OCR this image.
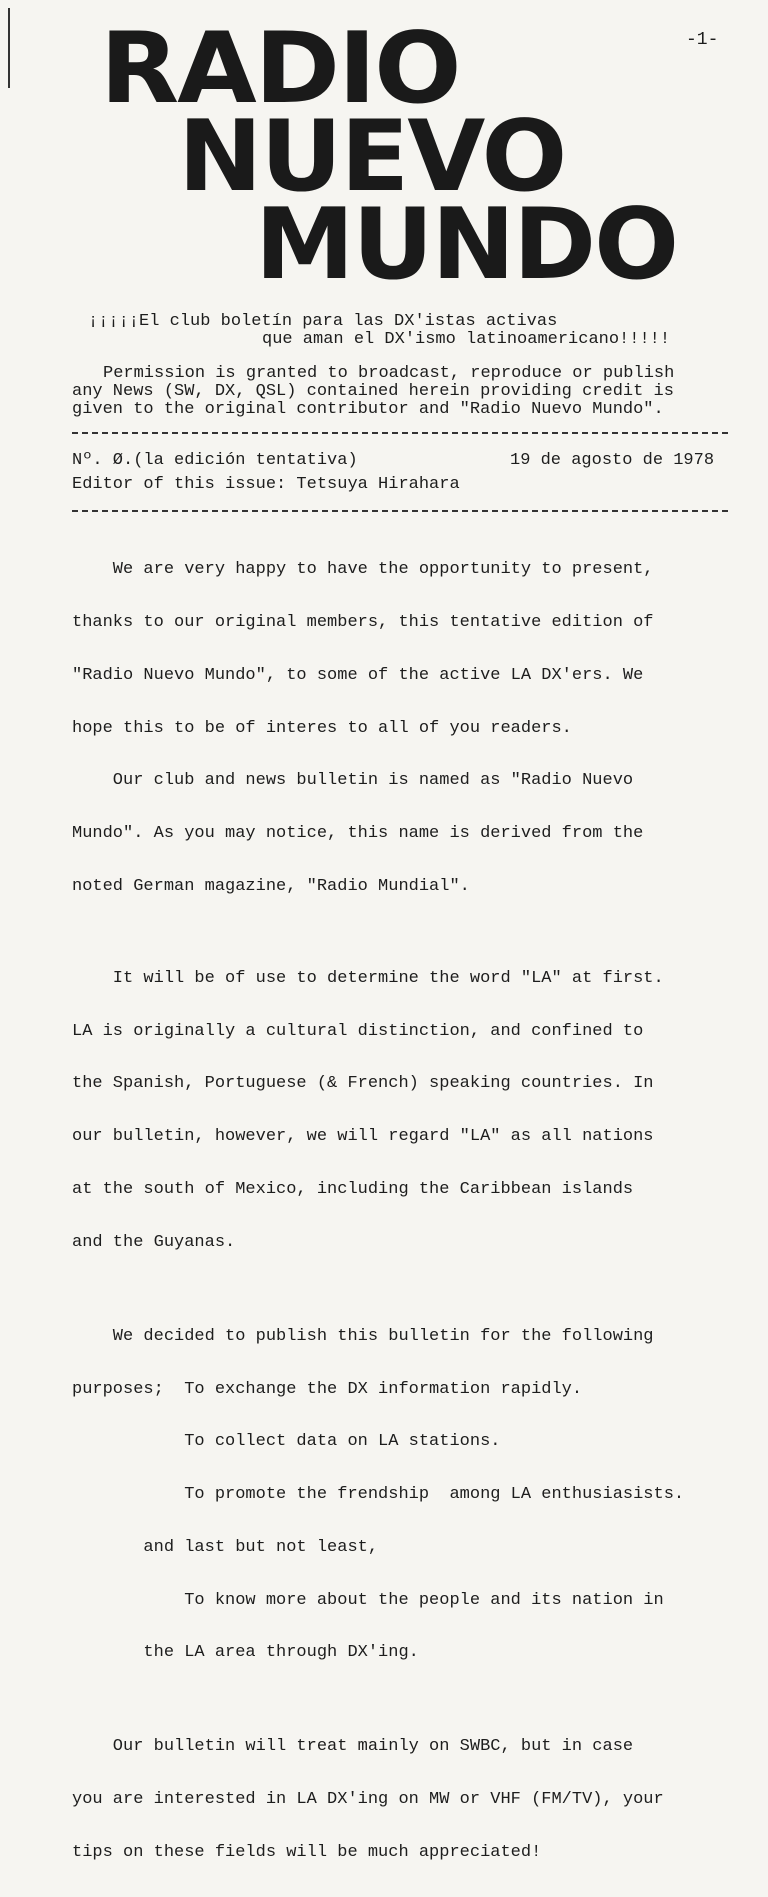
-1-
RADIO
NUEVO
MUNDO
¡¡¡¡¡El club boletín para las DX'istas activas
que aman el DX'ismo latinoamericano!!!!!
Permission is granted to broadcast, reproduce or publish
any News (SW, DX, QSL) contained herein providing credit is
given to the original contributor and "Radio Nuevo Mundo".
Nº. Ø.(la edición tentativa)	19 de agosto de 1978
Editor of this issue: Tetsuya Hirahara

We are very happy to have the opportunity to present,

thanks to our original members, this tentative edition of

"Radio Nuevo Mundo", to some of the active LA DX'ers. We

hope this to be of interes to all of you readers.

Our club and news bulletin is named as "Radio Nuevo

Mundo". As you may notice, this name is derived from the

noted German magazine, "Radio Mundial".

It will be of use to determine the word "LA" at first.

LA is originally a cultural distinction, and confined to

the Spanish, Portuguese (& French) speaking countries. In

our bulletin, however, we will regard "LA" as all nations

at the south of Mexico, including the Caribbean islands

and the Guyanas.

We decided to publish this bulletin for the following

purposes;  To exchange the DX information rapidly.

To collect data on LA stations.

To promote the frendship  among LA enthusiasists.

and last but not least,

To know more about the people and its nation in

the LA area through DX'ing.

Our bulletin will treat mainly on SWBC, but in case

you are interested in LA DX'ing on MW or VHF (FM/TV), your

tips on these fields will be much appreciated!
